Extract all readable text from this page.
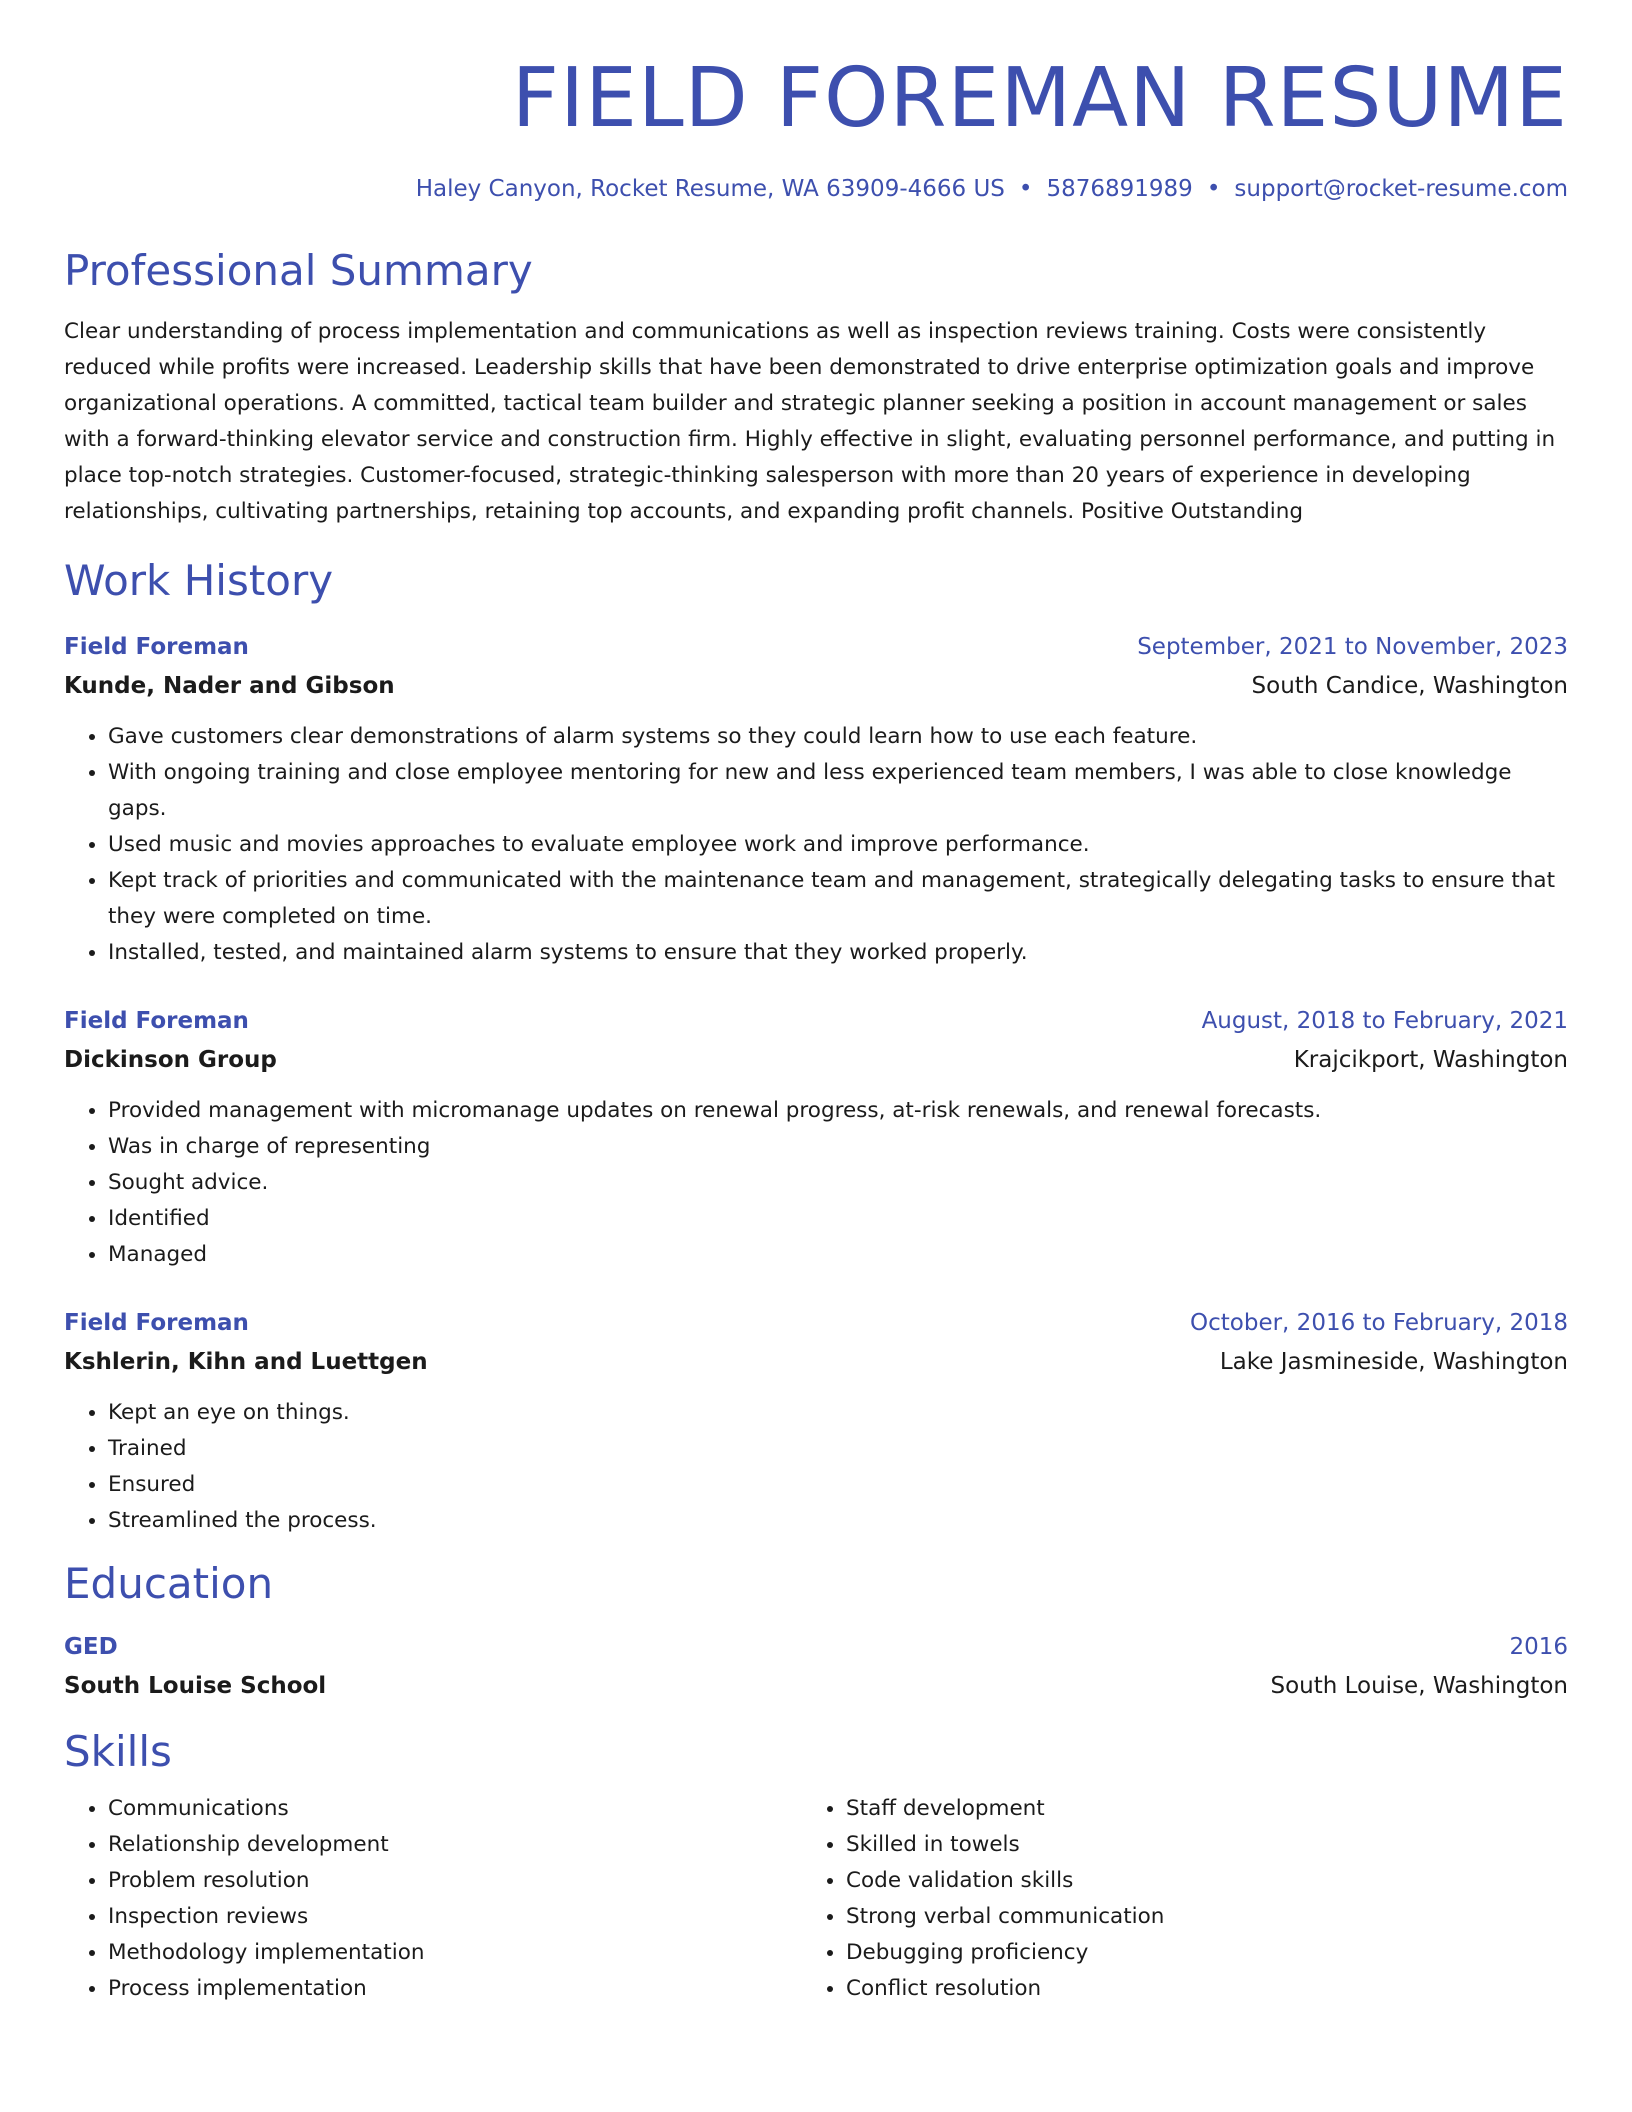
FIELD FOREMAN RESUME
Haley Canyon, Rocket Resume, WA 63909-4666 US • 5876891989 • support@rocket-resume.com
Professional Summary
Clear understanding of process implementation and communications as well as inspection reviews training. Costs were consistently reduced while profits were increased. Leadership skills that have been demonstrated to drive enterprise optimization goals and improve organizational operations. A committed, tactical team builder and strategic planner seeking a position in account management or sales with a forward-thinking elevator service and construction firm. Highly effective in slight, evaluating personnel performance, and putting in place top-notch strategies. Customer-focused, strategic-thinking salesperson with more than 20 years of experience in developing relationships, cultivating partnerships, retaining top accounts, and expanding profit channels. Positive Outstanding
Work History
Field Foreman	September, 2021 to November, 2023
Kunde, Nader and Gibson	South Candice, Washington
• Gave customers clear demonstrations of alarm systems so they could learn how to use each feature.
• With ongoing training and close employee mentoring for new and less experienced team members, I was able to close knowledge gaps.
• Used music and movies approaches to evaluate employee work and improve performance.
• Kept track of priorities and communicated with the maintenance team and management, strategically delegating tasks to ensure that they were completed on time.
• Installed, tested, and maintained alarm systems to ensure that they worked properly.
Field Foreman	August, 2018 to February, 2021
Dickinson Group	Krajcikport, Washington
• Provided management with micromanage updates on renewal progress, at-risk renewals, and renewal forecasts.
• Was in charge of representing
• Sought advice.
• Identified
• Managed
Field Foreman	October, 2016 to February, 2018
Kshlerin, Kihn and Luettgen	Lake Jasmineside, Washington
• Kept an eye on things.
• Trained
• Ensured
• Streamlined the process.
Education
GED	2016
South Louise School	South Louise, Washington
Skills
• Communications
• Relationship development
• Problem resolution
• Inspection reviews
• Methodology implementation
• Process implementation
• Staff development
• Skilled in towels
• Code validation skills
• Strong verbal communication
• Debugging proficiency
• Conflict resolution
